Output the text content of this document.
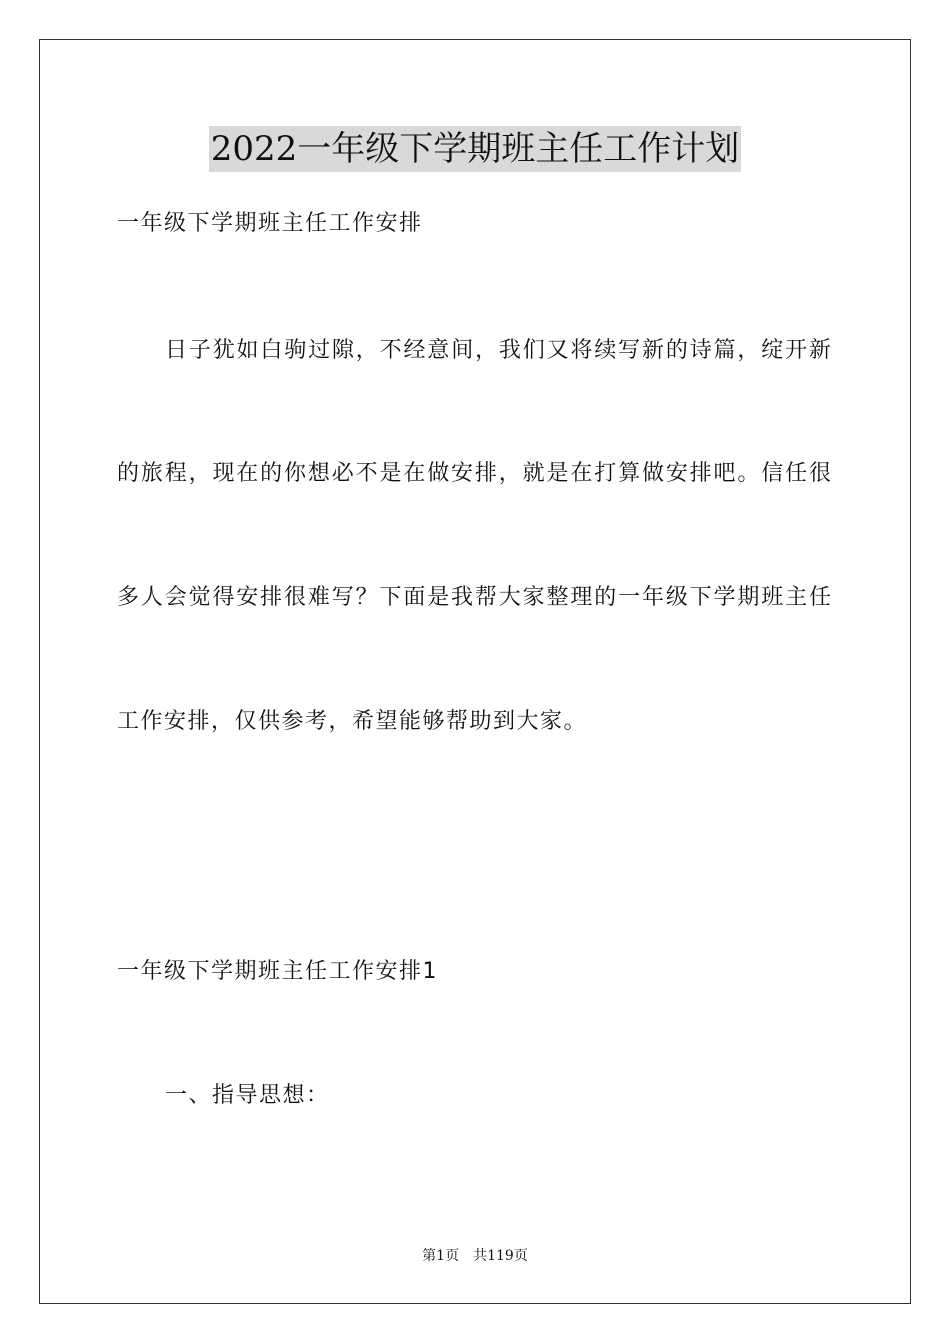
2022一年级下学期班主任工作计划
一年级下学期班主任工作安排
日子犹如白驹过隙，不经意间，我们又将续写新的诗篇，绽开新
的旅程，现在的你想必不是在做安排，就是在打算做安排吧。信任很
多人会觉得安排很难写？下面是我帮大家整理的一年级下学期班主任
工作安排，仅供参考，希望能够帮助到大家。
一年级下学期班主任工作安排1
一、指导思想：
第1页 共119页
